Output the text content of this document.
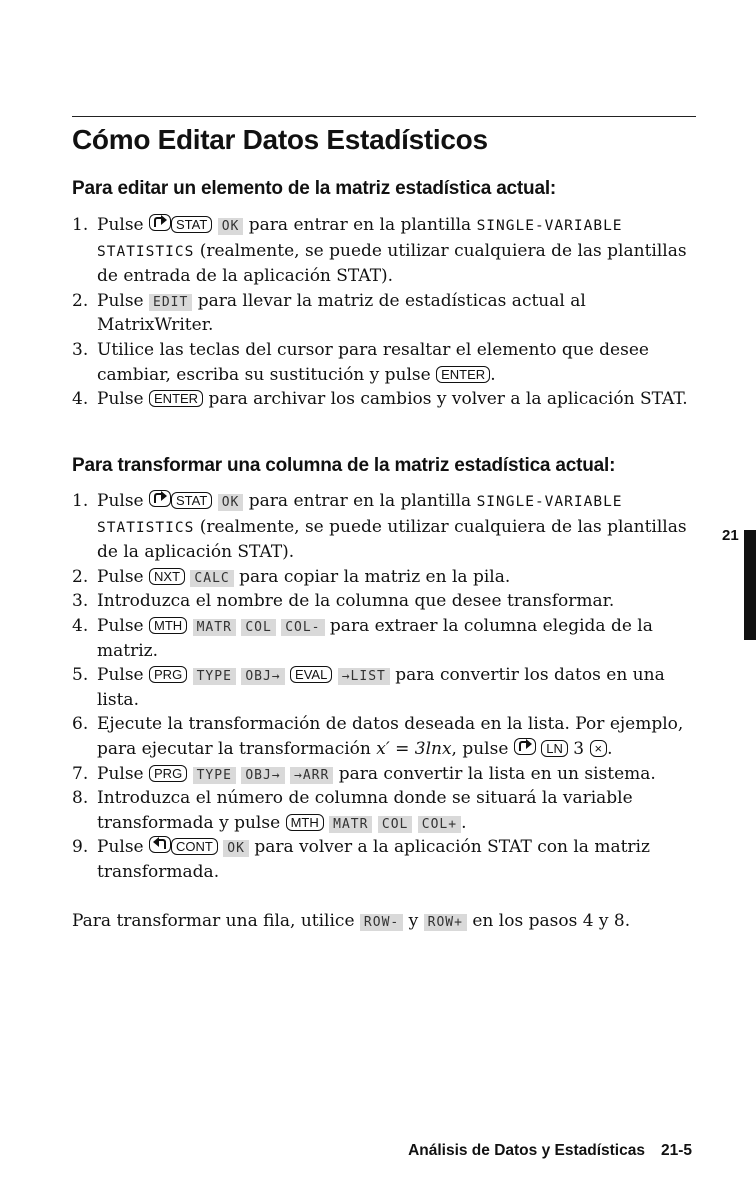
Cómo Editar Datos Estadísticos
Para editar un elemento de la matriz estadística actual:
1. Pulse STAT OK para entrar en la plantilla SINGLE-VARIABLE STATISTICS (realmente, se puede utilizar cualquiera de las plantillas de entrada de la aplicación STAT).
2. Pulse EDIT para llevar la matriz de estadísticas actual al MatrixWriter.
3. Utilice las teclas del cursor para resaltar el elemento que desee cambiar, escriba su sustitución y pulse ENTER .
4. Pulse ENTER para archivar los cambios y volver a la aplicación STAT.
Para transformar una columna de la matriz estadística actual:
1. Pulse STAT OK para entrar en la plantilla SINGLE-VARIABLE STATISTICS (realmente, se puede utilizar cualquiera de las plantillas de la aplicación STAT).
2. Pulse NXT CALC para copiar la matriz en la pila.
3. Introduzca el nombre de la columna que desee transformar.
4. Pulse MTH MATR COL COL- para extraer la columna elegida de la matriz.
5. Pulse PRG TYPE OBJ→ EVAL →LIST para convertir los datos en una lista.
6. Ejecute la transformación de datos deseada en la lista. Por ejemplo, para ejecutar la transformación x′ = 3lnx, pulse	LN 3 × .
7. Pulse PRG TYPE OBJ→ →ARR para convertir la lista en un sistema.
8. Introduzca el número de columna donde se situará la variable transformada y pulse MTH MATR COL COL+ .
9. Pulse CONT OK para volver a la aplicación STAT con la matriz transformada.
Para transformar una fila, utilice ROW- y ROW+ en los pasos 4 y 8.
21
Análisis de Datos y Estadísticas 21-5
